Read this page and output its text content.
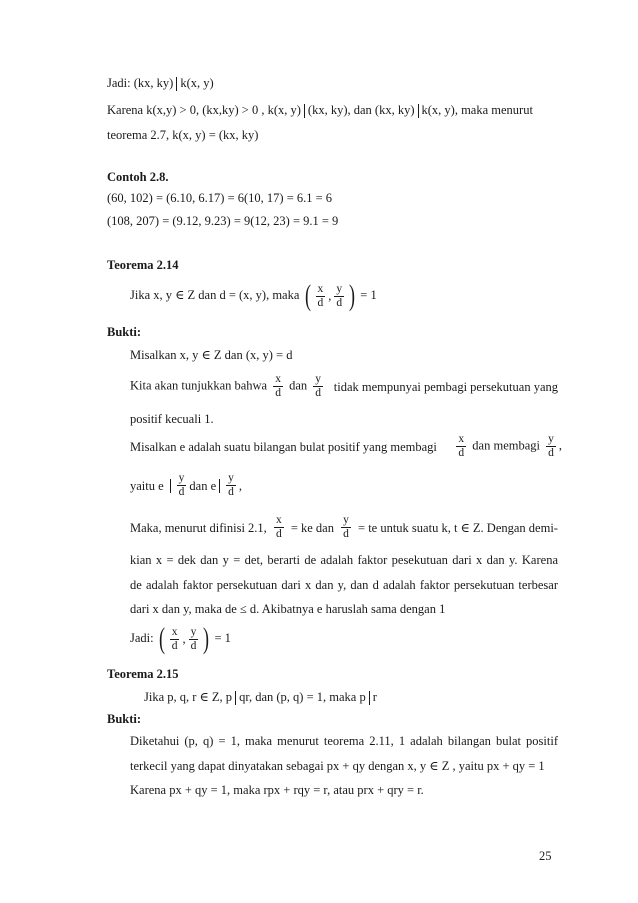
Jadi: (kx, ky) k(x, y)
Karena k(x,y) > 0, (kx,ky) > 0 , k(x, y) (kx, ky), dan (kx, ky) k(x, y), maka menurut
teorema 2.7, k(x, y) = (kx, ky)
Contoh 2.8.
(60, 102) = (6.10, 6.17) = 6(10, 17) = 6.1 = 6
(108, 207) = (9.12, 9.23) = 9(12, 23) = 9.1 = 9
Teorema 2.14
Jika x, y ∈ Z dan d = (x, y), maka ( $\frac{x}{d}$ , $\frac{y}{d}$ ) = 1
Bukti:
Misalkan x, y ∈ Z dan (x, y) = d
Kita akan tunjukkan bahwa $\frac{x}{d}$ dan $\frac{y}{d}$ tidak mempunyai pembagi persekutuan yang
positif kecuali 1.
Misalkan e adalah suatu bilangan bulat positif yang membagi $\frac{x}{d}$ dan membagi $\frac{y}{d}$ ,
yaitu e $\frac{y}{d}$ dan e $\frac{y}{d}$ ,
Maka, menurut difinisi 2.1, $\frac{x}{d}$ = ke dan $\frac{y}{d}$ = te untuk suatu k, t ∈ Z. Dengan demi-
kian x = dek dan y = det, berarti de adalah faktor pesekutuan dari x dan y. Karena
de adalah faktor persekutuan dari x dan y, dan d adalah faktor persekutuan terbesar
dari x dan y, maka de ≤ d. Akibatnya e haruslah sama dengan 1
Jadi: ( $\frac{x}{d}$ , $\frac{y}{d}$ ) = 1
Teorema 2.15
Jika p, q, r ∈ Z, p qr, dan (p, q) = 1, maka p r
Bukti:
Diketahui (p, q) = 1, maka menurut teorema 2.11, 1 adalah bilangan bulat positif
terkecil yang dapat dinyatakan sebagai px + qy dengan x, y ∈ Z , yaitu px + qy = 1
Karena px + qy = 1, maka rpx + rqy = r, atau prx + qry = r.
25
